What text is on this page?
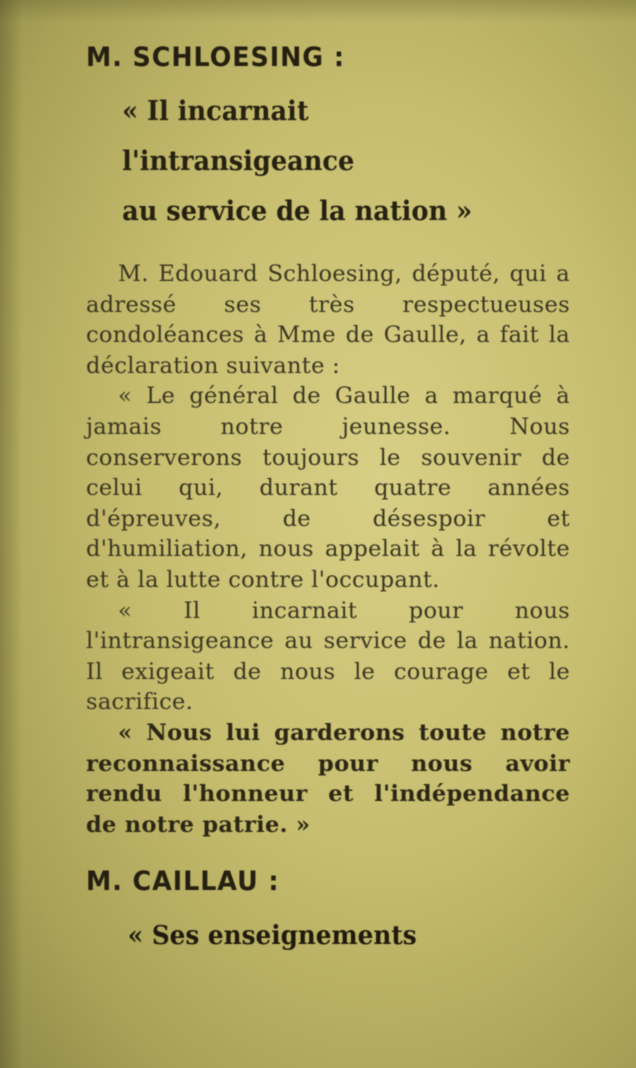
M. SCHLOESING :
« Il incarnait
l'intransigeance
au service de la nation »

M. Edouard Schloesing, député, qui a adressé ses très respectueuses condoléances à Mme de Gaulle, a fait la déclaration suivante :

« Le général de Gaulle a marqué à jamais notre jeunesse. Nous conserverons toujours le souvenir de celui qui, durant quatre années d'épreuves, de désespoir et d'humiliation, nous appelait à la révolte et à la lutte contre l'occupant.

« Il incarnait pour nous l'intransigeance au service de la nation. Il exigeait de nous le courage et le sacrifice.

« Nous lui garderons toute notre reconnaissance pour nous avoir rendu l'honneur et l'indépendance de notre patrie. »

M. CAILLAU :
« Ses enseignements
